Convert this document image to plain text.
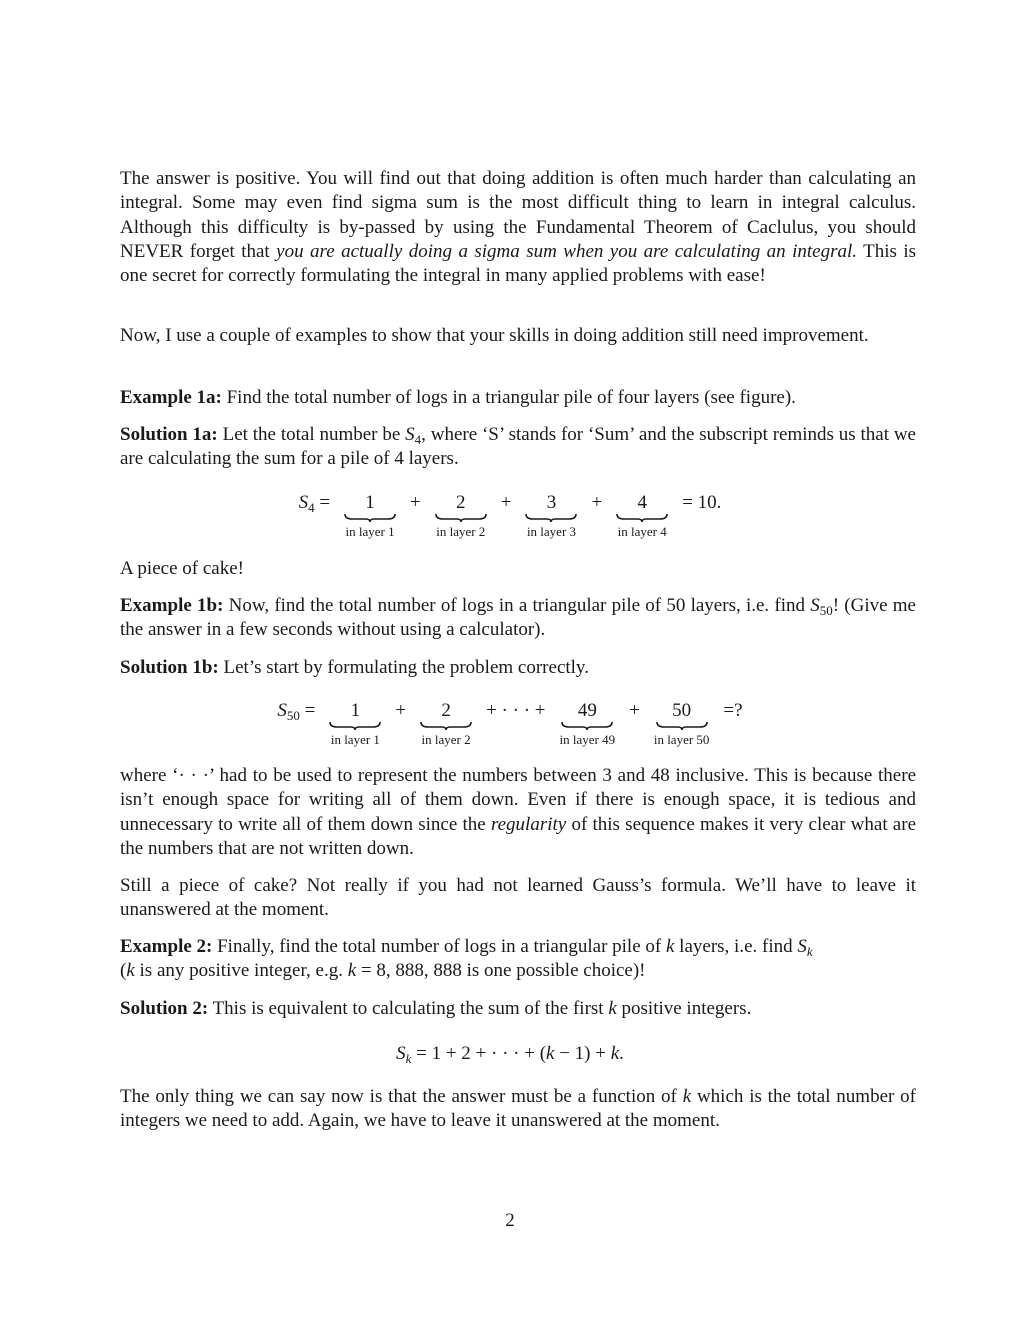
The answer is positive. You will find out that doing addition is often much harder than calculating an integral. Some may even find sigma sum is the most difficult thing to learn in integral calculus. Although this difficulty is by-passed by using the Fundamental Theorem of Caclulus, you should NEVER forget that you are actually doing a sigma sum when you are calculating an integral. This is one secret for correctly formulating the integral in many applied problems with ease!
Now, I use a couple of examples to show that your skills in doing addition still need improvement.
Example 1a: Find the total number of logs in a triangular pile of four layers (see figure).
Solution 1a: Let the total number be $S_4$, where ‘S’ stands for ‘Sum’ and the subscript reminds us that we are calculating the sum for a pile of 4 layers.
$S_4 = 1$
in layer 1
+ 2
in layer 2
+ 3
in layer 3
+ 4
in layer 4
= 10.
A piece of cake!
Example 1b: Now, find the total number of logs in a triangular pile of 50 layers, i.e. find $S_{50}$! (Give me the answer in a few seconds without using a calculator).
Solution 1b: Let’s start by formulating the problem correctly.
$S_{50} = 1$
in layer 1
+ 2
in layer 2
+ · · · + 49
in layer 49
+ 50
in layer 50
=?
where ‘· · ·’ had to be used to represent the numbers between 3 and 48 inclusive. This is because there isn’t enough space for writing all of them down. Even if there is enough space, it is tedious and unnecessary to write all of them down since the regularity of this sequence makes it very clear what are the numbers that are not written down.
Still a piece of cake? Not really if you had not learned Gauss’s formula. We’ll have to leave it unanswered at the moment.
Example 2: Finally, find the total number of logs in a triangular pile of k layers, i.e. find $S_k$
(k is any positive integer, e.g. k = 8, 888, 888 is one possible choice)!
Solution 2: This is equivalent to calculating the sum of the first k positive integers.
$S_k = 1 + 2$ + · · · + (k − 1) + k.
The only thing we can say now is that the answer must be a function of k which is the total number of integers we need to add. Again, we have to leave it unanswered at the moment.
2
